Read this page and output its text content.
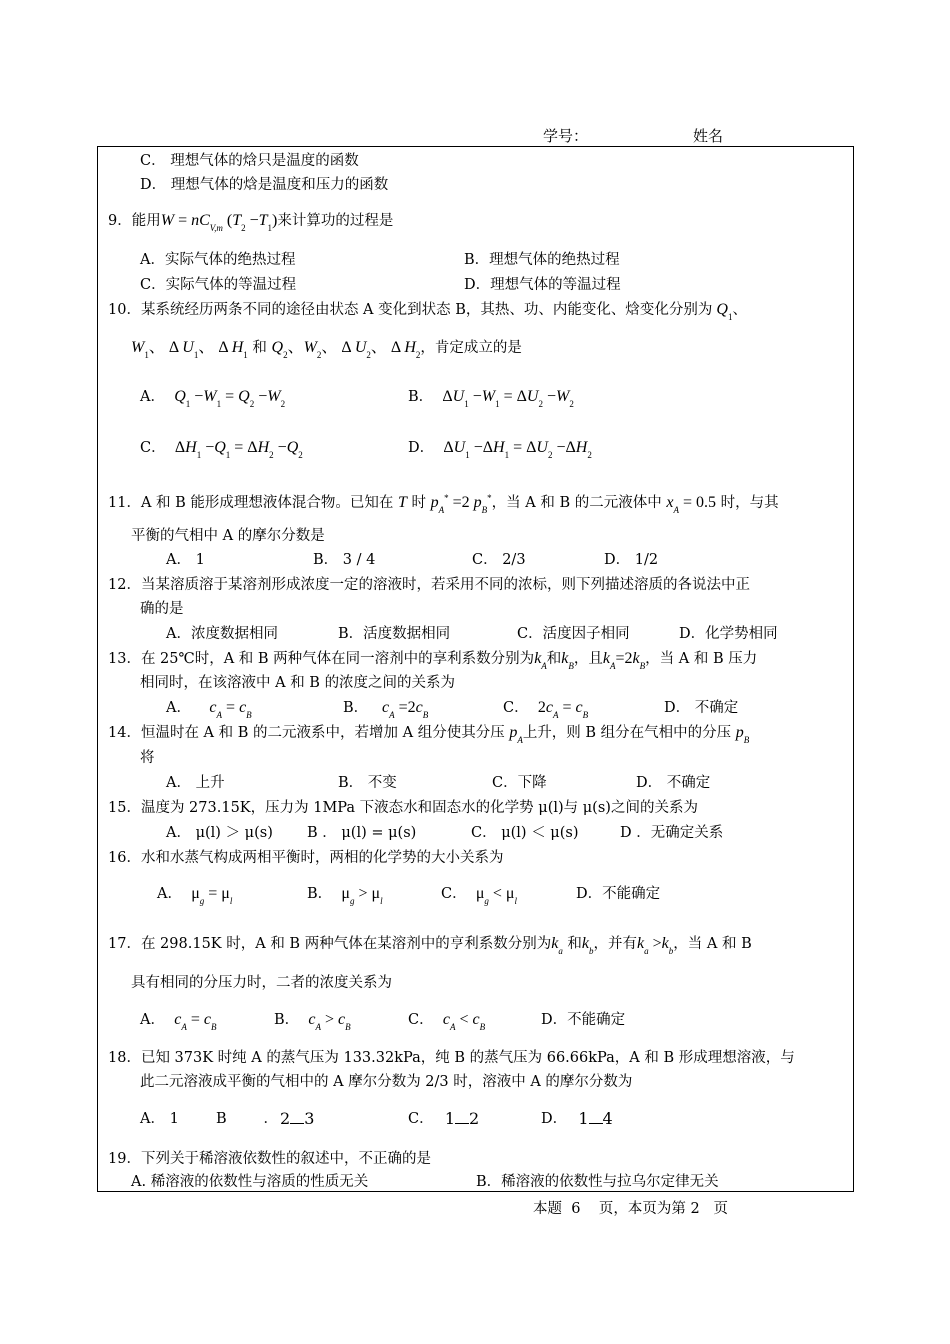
学号：	姓名
C． 理想气体的焓只是温度的函数
D． 理想气体的焓是温度和压力的函数
9．能用$W = nC_{V,m}$ $(T_2 -T_1)$来计算功的过程是
A．实际气体的绝热过程	B．理想气体的绝热过程
C．实际气体的等温过程	D．理想气体的等温过程
10．某系统经历两条不同的途径由状态 A 变化到状态 B，其热、功、内能变化、焓变化分别为 $Q_1$、
$W_1$、 Δ $U_1$、 Δ $H_1$ 和 $Q_2$、$W_2$、 Δ $U_2$、 Δ $H_2$，肯定成立的是
A． $Q_1 -W_1 = Q_2 -W_2$	B． $\Delta U_1 -W_1 = \Delta U_2 -W_2$
C． $\Delta H_1 -Q_1 = \Delta H_2 -Q_2$	D． $\Delta U_1 -\Delta H_1 = \Delta U_2 -\Delta H_2$
11．A 和 B 能形成理想液体混合物。已知在 T 时 $p_A^* =2$ $p_B^*$，当 A 和 B 的二元液体中 $x_A = 0.5$ 时，与其
平衡的气相中 A 的摩尔分数是
A． 1	B． 3 / 4	C． 2/3	D． 1/2
12．当某溶质溶于某溶剂形成浓度一定的溶液时，若采用不同的浓标，则下列描述溶质的各说法中正
确的是
A．浓度数据相同	B．活度数据相同	C．活度因子相同	D．化学势相同
13．在 25℃时，A 和 B 两种气体在同一溶剂中的享利系数分别为$k_A$和$k_B$，且$k_A=2k_B$，当 A 和 B 压力
相同时，在该溶液中 A 和 B 的浓度之间的关系为
A． $c_A = c_B$	B． $c_A =2c_B$	C． $2c_A = c_B$	D． 不确定
14．恒温时在 A 和 B 的二元液系中，若增加 A 组分使其分压 $p_A$上升，则 B 组分在气相中的分压 $p_B$
将
A． 上升	B． 不变	C．下降	D． 不确定
15．温度为 273.15K，压力为 1MPa 下液态水和固态水的化学势 μ(l)与 μ(s)之间的关系为
A． μ(l) ＞ μ(s) B ． μ(l) = μ(s)	C． μ(l) ＜ μ(s)	D ．无确定关系
16．水和水蒸气构成两相平衡时，两相的化学势的大小关系为
A． $\mu_g = \mu_l$	B． $\mu_g > \mu_l$	C． $\mu_g < \mu_l$	D．不能确定
17．在 298.15K 时，A 和 B 两种气体在某溶剂中的亨利系数分别为$k_a$ 和$k_b$，并有$k_a >k_b$，当 A 和 B
具有相同的分压力时，二者的浓度关系为
A． $c_A = c_B$	B． $c_A > c_B$	C． $c_A < c_B$	D．不能确定
18．已知 373K 时纯 A 的蒸气压为 133.32kPa，纯 B 的蒸气压为 66.66kPa，A 和 B 形成理想溶液，与
此二元溶液成平衡的气相中的 A 摩尔分数为 2/3 时，溶液中 A 的摩尔分数为
A． 1	B        ． 2 3	C． 1 2	D． 1 4
19．下列关于稀溶液依数性的叙述中，不正确的是
A. 稀溶液的依数性与溶质的性质无关	B．稀溶液的依数性与拉乌尔定律无关
本题  6    页，本页为第 2   页
